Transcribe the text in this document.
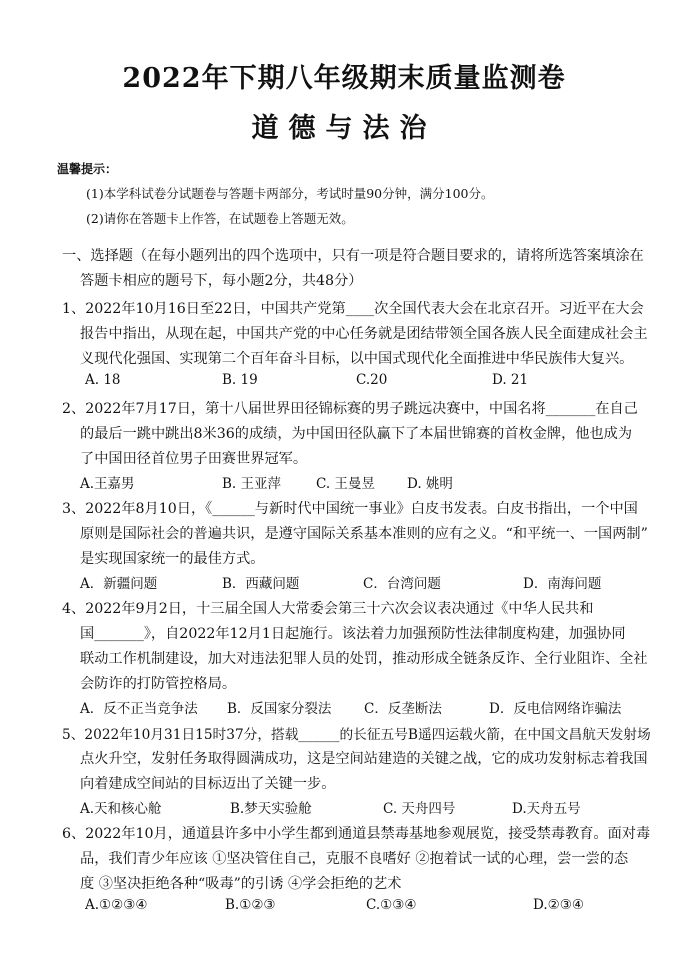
2022年下期八年级期末质量监测卷
道德与法治
温馨提示：
(1)本学科试卷分试题卷与答题卡两部分，考试时量90分钟，满分100分。
(2)请你在答题卡上作答，在试题卷上答题无效。
一、选择题（在每小题列出的四个选项中，只有一项是符合题目要求的，请将所选答案填涂在
答题卡相应的题号下，每小题2分，共48分）
1、2022年10月16日至22日，中国共产党第____次全国代表大会在北京召开。习近平在大会
报告中指出，从现在起，中国共产党的中心任务就是团结带领全国各族人民全面建成社会主
义现代化强国、实现第二个百年奋斗目标，以中国式现代化全面推进中华民族伟大复兴。
A. 18	B. 19	C.20	D. 21
2、2022年7月17日，第十八届世界田径锦标赛的男子跳远决赛中，中国名将_______在自己
的最后一跳中跳出8米36的成绩，为中国田径队赢下了本届世锦赛的首枚金牌，他也成为
了中国田径首位男子田赛世界冠军。
A.王嘉男	B. 王亚萍	C. 王曼昱 D. 姚明
3、2022年8月10日，《______与新时代中国统一事业》白皮书发表。白皮书指出，一个中国
原则是国际社会的普遍共识，是遵守国际关系基本准则的应有之义。“和平统一、一国两制”
是实现国家统一的最佳方式。
A．新疆问题	B．西藏问题	C．台湾问题	D．南海问题
4、2022年9月2日，十三届全国人大常委会第三十六次会议表决通过《中华人民共和
国_______》，自2022年12月1日起施行。该法着力加强预防性法律制度构建，加强协同
联动工作机制建设，加大对违法犯罪人员的处罚，推动形成全链条反诈、全行业阻诈、全社
会防诈的打防管控格局。
A．反不正当竞争法 B．反国家分裂法 C．反垄断法	D．反电信网络诈骗法
5、2022年10月31日15时37分，搭载______的长征五号B遥四运载火箭，在中国文昌航天发射场
点火升空，发射任务取得圆满成功，这是空间站建造的关键之战，它的成功发射标志着我国
向着建成空间站的目标迈出了关键一步。
A.天和核心舱	B.梦天实验舱	C. 天舟四号	D.天舟五号
6、2022年10月，通道县许多中小学生都到通道县禁毒基地参观展览，接受禁毒教育。面对毒
品，我们青少年应该 ①坚决管住自己，克服不良嗜好 ②抱着试一试的心理，尝一尝的态
度 ③坚决拒绝各种“吸毒”的引诱 ④学会拒绝的艺术
A.①②③④	B.①②③	C.①③④	D.②③④
